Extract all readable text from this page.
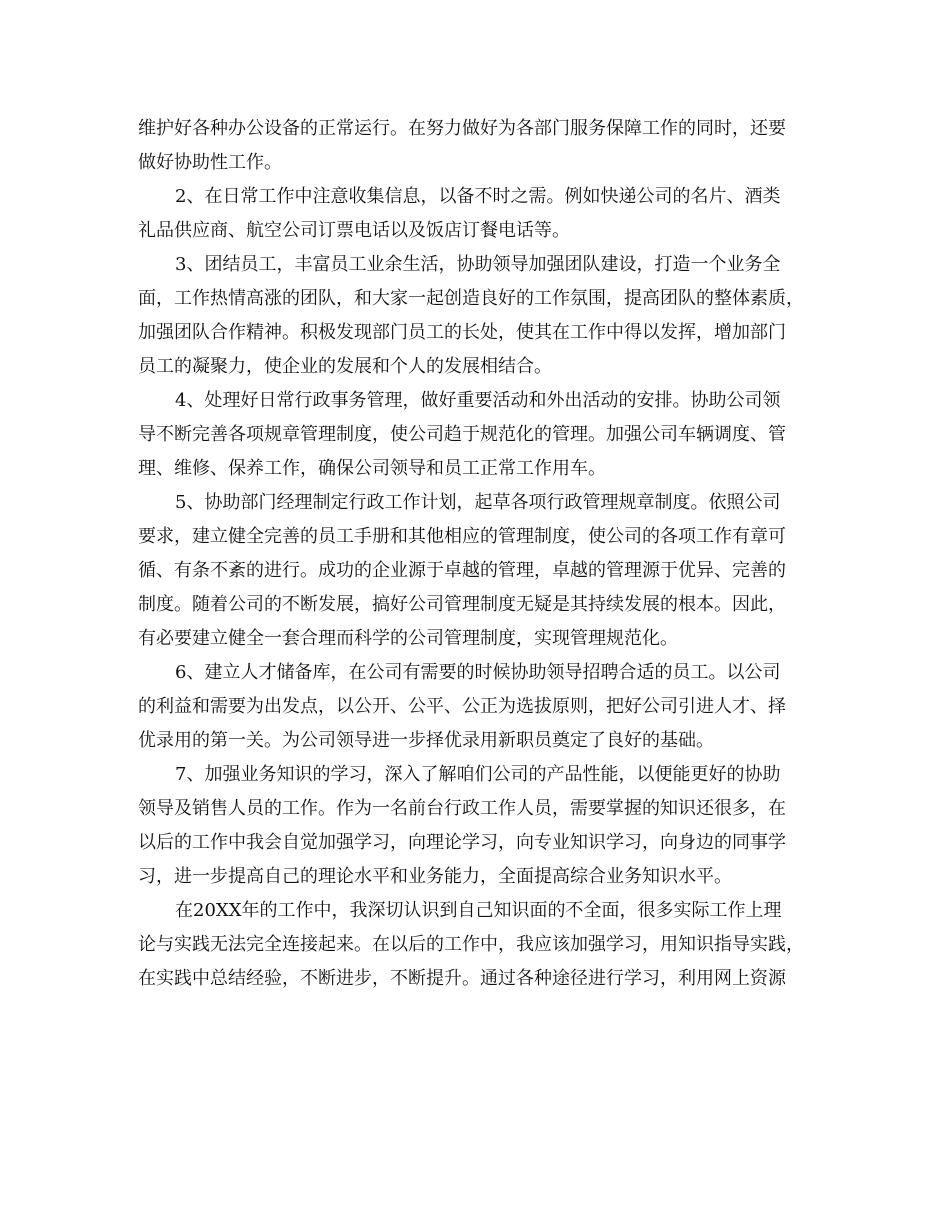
维护好各种办公设备的正常运行。在努力做好为各部门服务保障工作的同时，还要
做好协助性工作。
2、在日常工作中注意收集信息，以备不时之需。例如快递公司的名片、酒类
礼品供应商、航空公司订票电话以及饭店订餐电话等。
3、团结员工，丰富员工业余生活，协助领导加强团队建设，打造一个业务全
面，工作热情高涨的团队，和大家一起创造良好的工作氛围，提高团队的整体素质，
加强团队合作精神。积极发现部门员工的长处，使其在工作中得以发挥，增加部门
员工的凝聚力，使企业的发展和个人的发展相结合。
4、处理好日常行政事务管理，做好重要活动和外出活动的安排。协助公司领
导不断完善各项规章管理制度，使公司趋于规范化的管理。加强公司车辆调度、管
理、维修、保养工作，确保公司领导和员工正常工作用车。
5、协助部门经理制定行政工作计划，起草各项行政管理规章制度。依照公司
要求，建立健全完善的员工手册和其他相应的管理制度，使公司的各项工作有章可
循、有条不紊的进行。成功的企业源于卓越的管理，卓越的管理源于优异、完善的
制度。随着公司的不断发展，搞好公司管理制度无疑是其持续发展的根本。因此，
有必要建立健全一套合理而科学的公司管理制度，实现管理规范化。
6、建立人才储备库，在公司有需要的时候协助领导招聘合适的员工。以公司
的利益和需要为出发点，以公开、公平、公正为选拔原则，把好公司引进人才、择
优录用的第一关。为公司领导进一步择优录用新职员奠定了良好的基础。
7、加强业务知识的学习，深入了解咱们公司的产品性能，以便能更好的协助
领导及销售人员的工作。作为一名前台行政工作人员，需要掌握的知识还很多，在
以后的工作中我会自觉加强学习，向理论学习，向专业知识学习，向身边的同事学
习，进一步提高自己的理论水平和业务能力，全面提高综合业务知识水平。
在20XX年的工作中，我深切认识到自己知识面的不全面，很多实际工作上理
论与实践无法完全连接起来。在以后的工作中，我应该加强学习，用知识指导实践，
在实践中总结经验，不断进步，不断提升。通过各种途径进行学习，利用网上资源
